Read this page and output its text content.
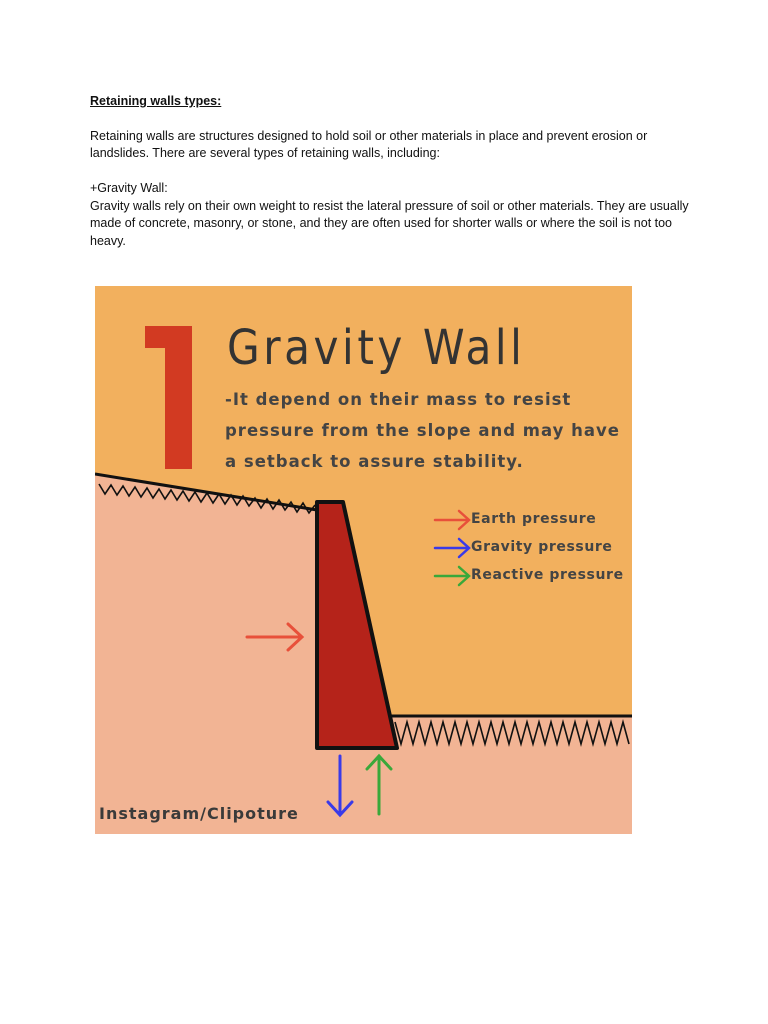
Retaining walls types:
Retaining walls are structures designed to hold soil or other materials in place and prevent erosion or landslides. There are several types of retaining walls, including:
+Gravity Wall:
Gravity walls rely on their own weight to resist the lateral pressure of soil or other materials. They are usually made of concrete, masonry, or stone, and they are often used for shorter walls or where the soil is not too heavy.
Gravity Wall
-It depend on their mass to resist
pressure from the slope and may have
a setback to assure stability.
Earth pressure
Gravity pressure
Reactive pressure
Instagram/Clipoture
